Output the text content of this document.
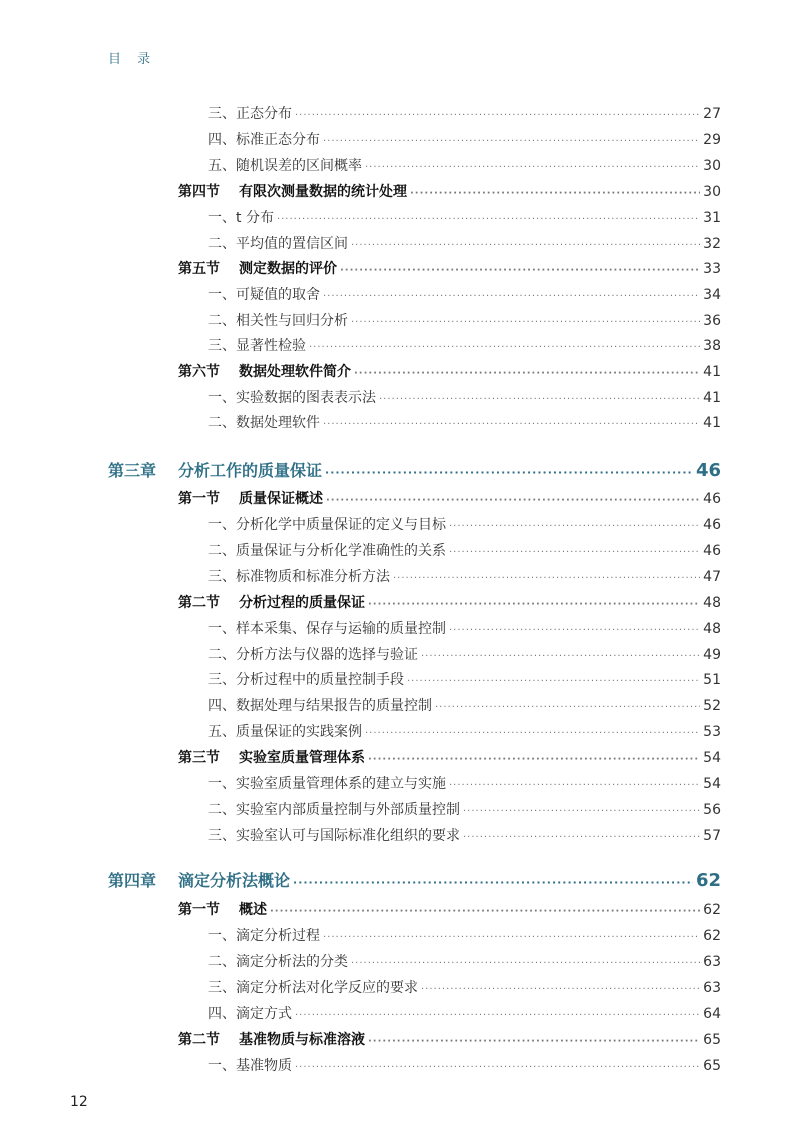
目 录
三、正态分布 ·····	27
四、标准正态分布 ·····	29
五、随机误差的区间概率 ·····	30
第四节 有限次测量数据的统计处理 ·····	30
一、t 分布 ·····	31
二、平均值的置信区间 ·····	32
第五节 测定数据的评价 ·····	33
一、可疑值的取舍 ·····	34
二、相关性与回归分析 ·····	36
三、显著性检验 ·····	38
第六节 数据处理软件简介 ·····	41
一、实验数据的图表表示法 ·····	41
二、数据处理软件 ·····	41
第三章 分析工作的质量保证 ·····	46
第一节 质量保证概述 ·····	46
一、分析化学中质量保证的定义与目标 ·····	46
二、质量保证与分析化学准确性的关系 ·····	46
三、标准物质和标准分析方法 ·····	47
第二节 分析过程的质量保证 ·····	48
一、样本采集、保存与运输的质量控制 ·····	48
二、分析方法与仪器的选择与验证 ·····	49
三、分析过程中的质量控制手段 ·····	51
四、数据处理与结果报告的质量控制 ·····	52
五、质量保证的实践案例 ·····	53
第三节 实验室质量管理体系 ·····	54
一、实验室质量管理体系的建立与实施 ·····	54
二、实验室内部质量控制与外部质量控制 ·····	56
三、实验室认可与国际标准化组织的要求 ·····	57
第四章 滴定分析法概论 ·····	62
第一节 概述 ·····	62
一、滴定分析过程 ·····	62
二、滴定分析法的分类 ·····	63
三、滴定分析法对化学反应的要求 ·····	63
四、滴定方式 ·····	64
第二节 基准物质与标准溶液 ·····	65
一、基准物质 ·····	65
12
